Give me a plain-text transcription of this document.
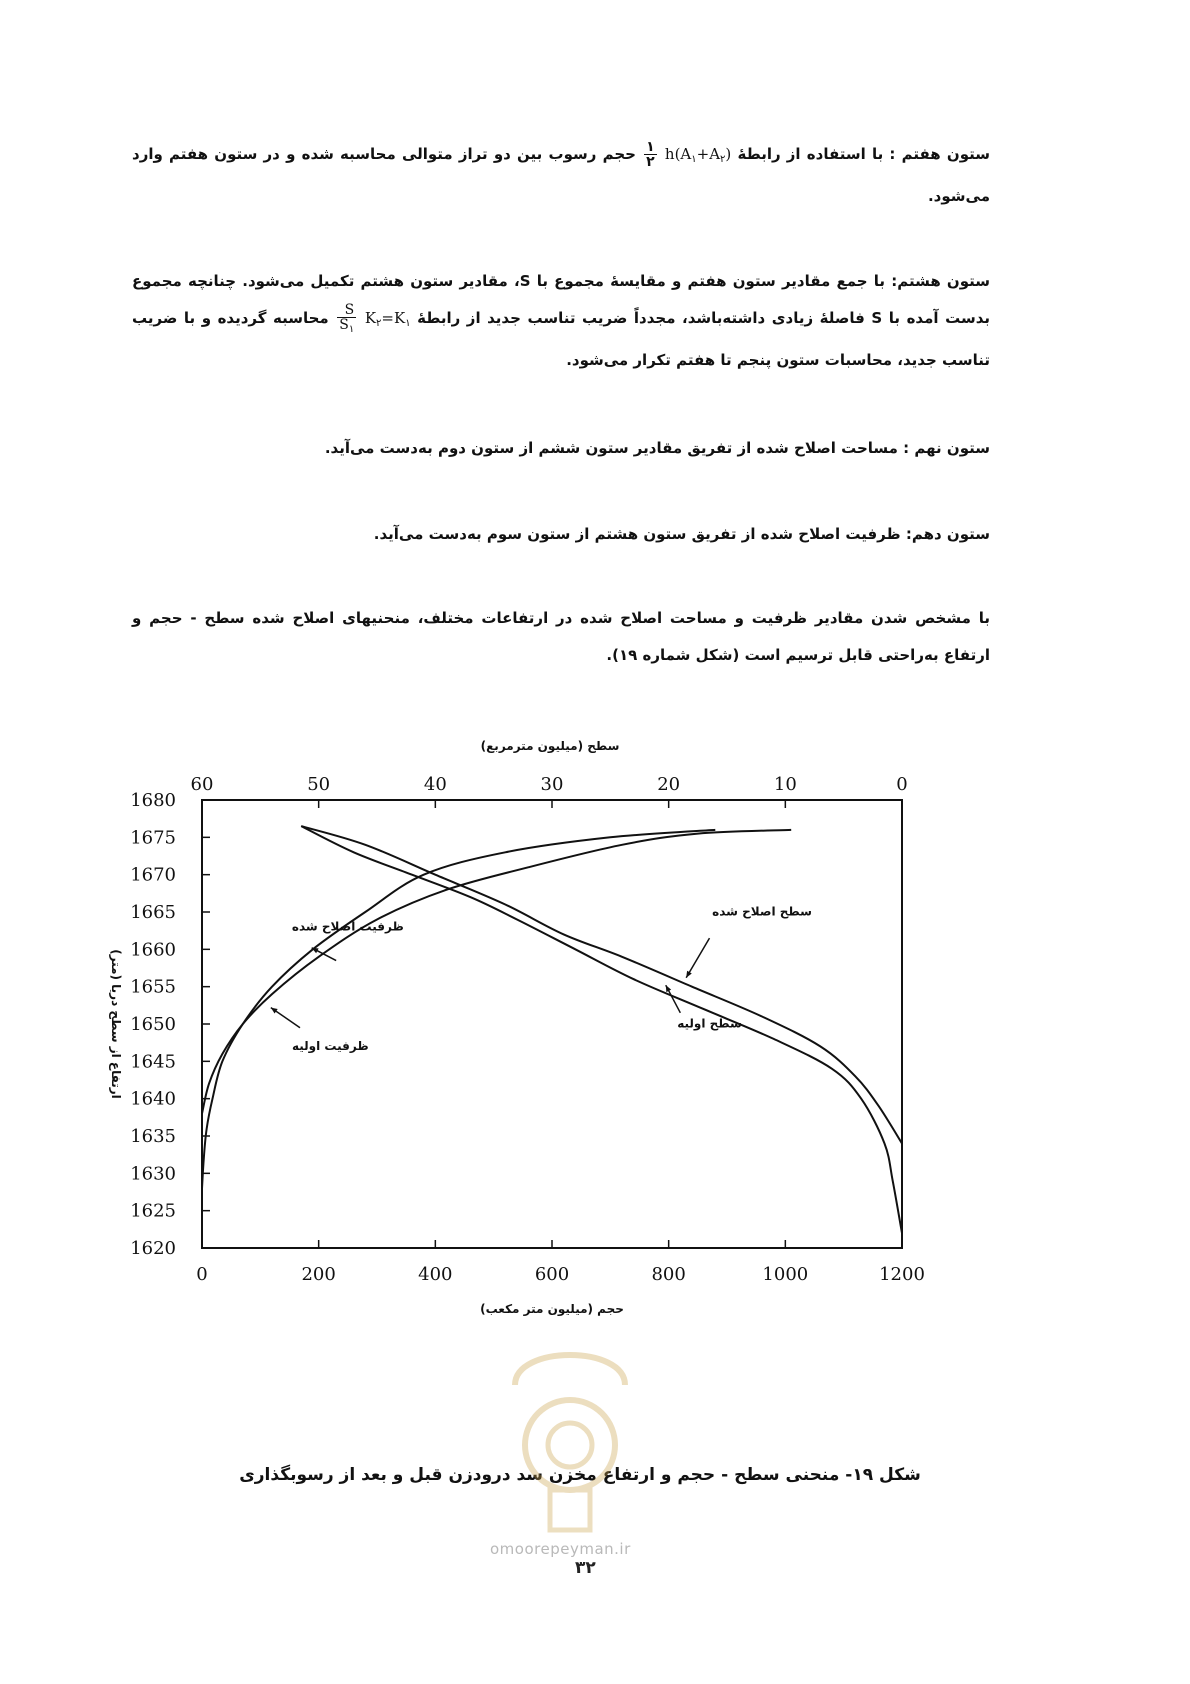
ستون هفتم : با استفاده از رابطهٔ $h(A_۱+A_۲)$
$\frac{۱}{۲}$
حجم رسوب بین دو تراز متوالی محاسبه شده و در ستون هفتم وارد می‌شود.

ستون هشتم: با جمع مقادیر ستون هفتم و مقایسهٔ مجموع با S، مقادیر ستون هشتم تکمیل می‌شود. چنانچه مجموع بدست آمده با S فاصلهٔ زیادی داشته‌باشد، مجدداً ضریب تناسب جدید از رابطهٔ $K_۲=K_۱$
$\frac{S}{S_۱}$
محاسبه گردیده و با ضریب تناسب جدید، محاسبات ستون پنجم تا هفتم تکرار می‌شود.

ستون نهم : مساحت اصلاح شده از تفریق مقادیر ستون ششم از ستون دوم به‌دست می‌آید.

ستون دهم: ظرفیت اصلاح شده از تفریق ستون هشتم از ستون سوم به‌دست می‌آید.

با مشخص شدن مقادیر ظرفیت و مساحت اصلاح شده در ارتفاعات مختلف، منحنیهای اصلاح شده سطح - حجم و ارتفاع به‌راحتی قابل ترسیم است (شکل شماره ۱۹).

0	200	400	600	800	1000	1200
60	50	40	30	20	10	0
1680
1675
1670
1665
1660
1655
1650
1645
1640
1635
1630
1625
1620
سطح (میلیون مترمربع)
حجم (میلیون متر مکعب)
ارتفاع از سطح دریا (متر)
ظرفیت اصلاح شده
ظرفیت اولیه
سطح اصلاح شده
سطح اولیه
شکل ۱۹- منحنی سطح - حجم و ارتفاع مخزن سد درودزن قبل و بعد از رسوبگذاری
omoorepeyman.ir
۳۲
